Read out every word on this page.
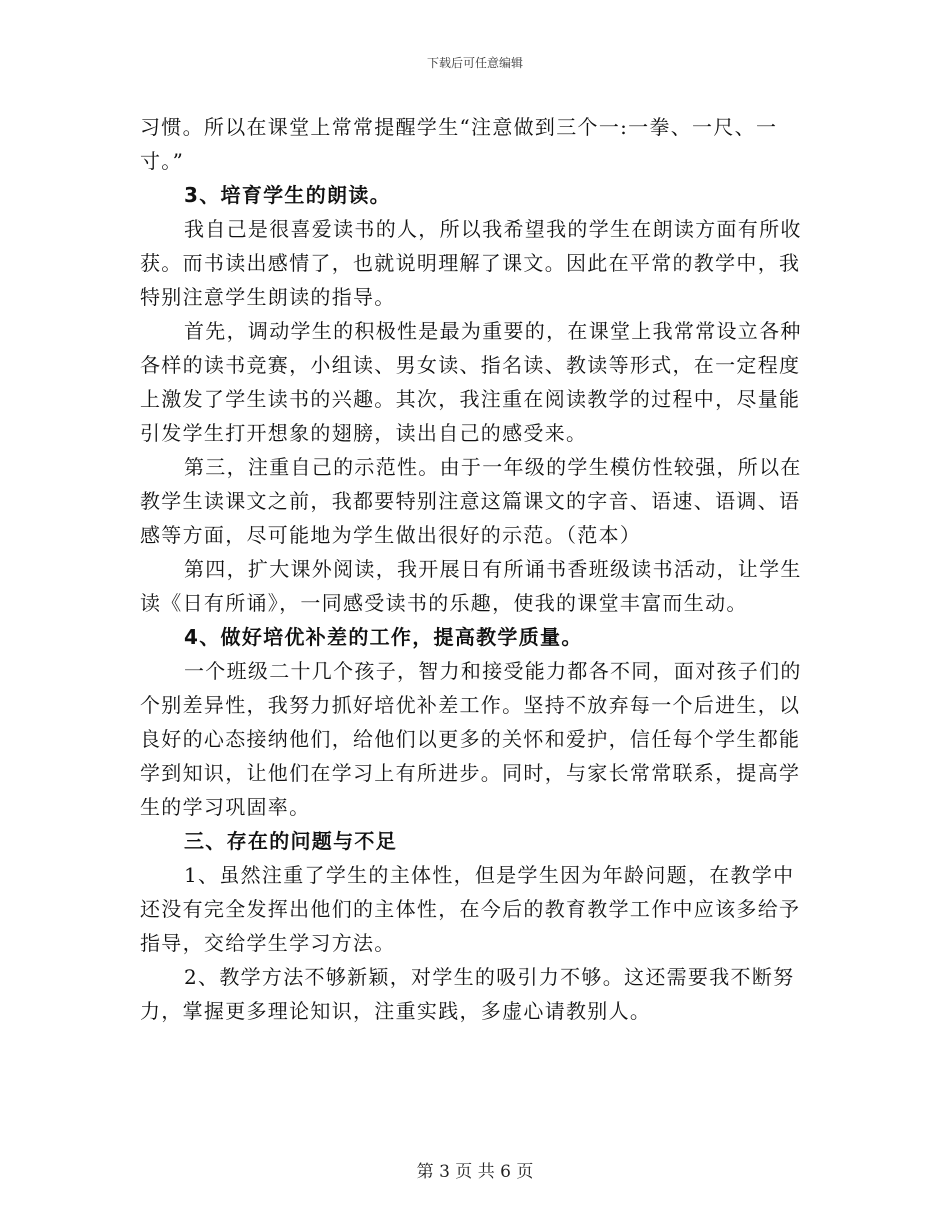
下载后可任意编辑

习惯。所以在课堂上常常提醒学生“注意做到三个一:一拳、一尺、一寸。”

3、培育学生的朗读。

我自己是很喜爱读书的人，所以我希望我的学生在朗读方面有所收获。而书读出感情了，也就说明理解了课文。因此在平常的教学中，我特别注意学生朗读的指导。

首先，调动学生的积极性是最为重要的，在课堂上我常常设立各种各样的读书竞赛，小组读、男女读、指名读、教读等形式，在一定程度上激发了学生读书的兴趣。其次，我注重在阅读教学的过程中，尽量能引发学生打开想象的翅膀，读出自己的感受来。

第三，注重自己的示范性。由于一年级的学生模仿性较强，所以在教学生读课文之前，我都要特别注意这篇课文的字音、语速、语调、语感等方面，尽可能地为学生做出很好的示范。（范本）

第四，扩大课外阅读，我开展日有所诵书香班级读书活动，让学生读《日有所诵》，一同感受读书的乐趣，使我的课堂丰富而生动。

4、做好培优补差的工作，提高教学质量。

一个班级二十几个孩子，智力和接受能力都各不同，面对孩子们的个别差异性，我努力抓好培优补差工作。坚持不放弃每一个后进生，以良好的心态接纳他们，给他们以更多的关怀和爱护，信任每个学生都能学到知识，让他们在学习上有所进步。同时，与家长常常联系，提高学生的学习巩固率。

三、存在的问题与不足

1、虽然注重了学生的主体性，但是学生因为年龄问题，在教学中还没有完全发挥出他们的主体性，在今后的教育教学工作中应该多给予指导，交给学生学习方法。

2、教学方法不够新颖，对学生的吸引力不够。这还需要我不断努力，掌握更多理论知识，注重实践，多虚心请教别人。

第 3 页 共 6 页
